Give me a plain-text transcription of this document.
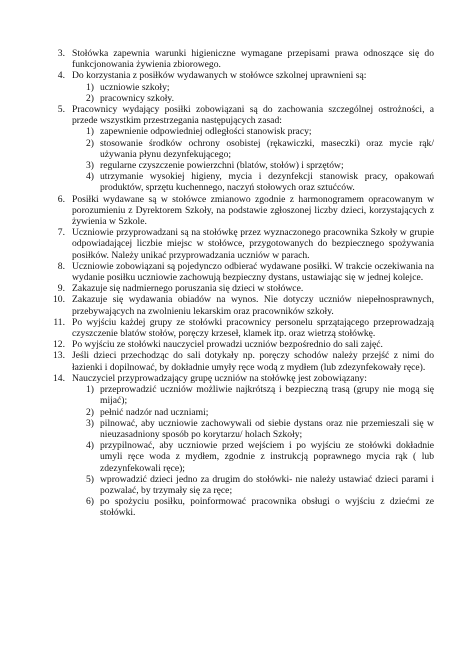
3. Stołówka zapewnia warunki higieniczne wymagane przepisami prawa odnoszące się do funkcjonowania żywienia zbiorowego.
4. Do korzystania z posiłków wydawanych w stołówce szkolnej uprawnieni są:
1) uczniowie szkoły;
2) pracownicy szkoły.
5. Pracownicy wydający posiłki zobowiązani są do zachowania szczególnej ostrożności, a przede wszystkim przestrzegania następujących zasad:
1) zapewnienie odpowiedniej odległości stanowisk pracy;
2) stosowanie środków ochrony osobistej (rękawiczki, maseczki) oraz mycie rąk/ używania płynu dezynfekującego;
3) regularne czyszczenie powierzchni (blatów, stołów) i sprzętów;
4) utrzymanie wysokiej higieny, mycia i dezynfekcji stanowisk pracy, opakowań produktów, sprzętu kuchennego, naczyń stołowych oraz sztućców.
6. Posiłki wydawane są w stołówce zmianowo zgodnie z harmonogramem opracowanym w porozumieniu z Dyrektorem Szkoły, na podstawie zgłoszonej liczby dzieci, korzystających z żywienia w Szkole.
7. Uczniowie przyprowadzani są na stołówkę przez wyznaczonego pracownika Szkoły w grupie odpowiadającej liczbie miejsc w stołówce, przygotowanych do bezpiecznego spożywania posiłków. Należy unikać przyprowadzania uczniów w parach.
8. Uczniowie zobowiązani są pojedynczo odbierać wydawane posiłki. W trakcie oczekiwania na wydanie posiłku uczniowie zachowują bezpieczny dystans, ustawiając się w jednej kolejce.
9. Zakazuje się nadmiernego poruszania się dzieci w stołówce.
10. Zakazuje się wydawania obiadów na wynos. Nie dotyczy uczniów niepełnosprawnych, przebywających na zwolnieniu lekarskim oraz pracowników szkoły.
11. Po wyjściu każdej grupy ze stołówki pracownicy personelu sprzątającego przeprowadzają czyszczenie blatów stołów, poręczy krzeseł, klamek itp. oraz wietrzą stołówkę.
12. Po wyjściu ze stołówki nauczyciel prowadzi uczniów bezpośrednio do sali zajęć.
13. Jeśli dzieci przechodząc do sali dotykały np. poręczy schodów należy przejść z nimi do łazienki i dopilnować, by dokładnie umyły ręce wodą z mydłem (lub zdezynfekowały ręce).
14. Nauczyciel przyprowadzający grupę uczniów na stołówkę jest zobowiązany:
1) przeprowadzić uczniów możliwie najkrótszą i bezpieczną trasą (grupy nie mogą się mijać);
2) pełnić nadzór nad uczniami;
3) pilnować, aby uczniowie zachowywali od siebie dystans oraz nie przemieszali się w nieuzasadniony sposób po korytarzu/ holach Szkoły;
4) przypilnować, aby uczniowie przed wejściem i po wyjściu ze stołówki dokładnie umyli ręce woda z mydłem, zgodnie z instrukcją poprawnego mycia rąk ( lub zdezynfekowali ręce);
5) wprowadzić dzieci jedno za drugim do stołówki- nie należy ustawiać dzieci parami i pozwalać, by trzymały się za ręce;
6) po spożyciu posiłku, poinformować pracownika obsługi o wyjściu z dziećmi ze stołówki.
